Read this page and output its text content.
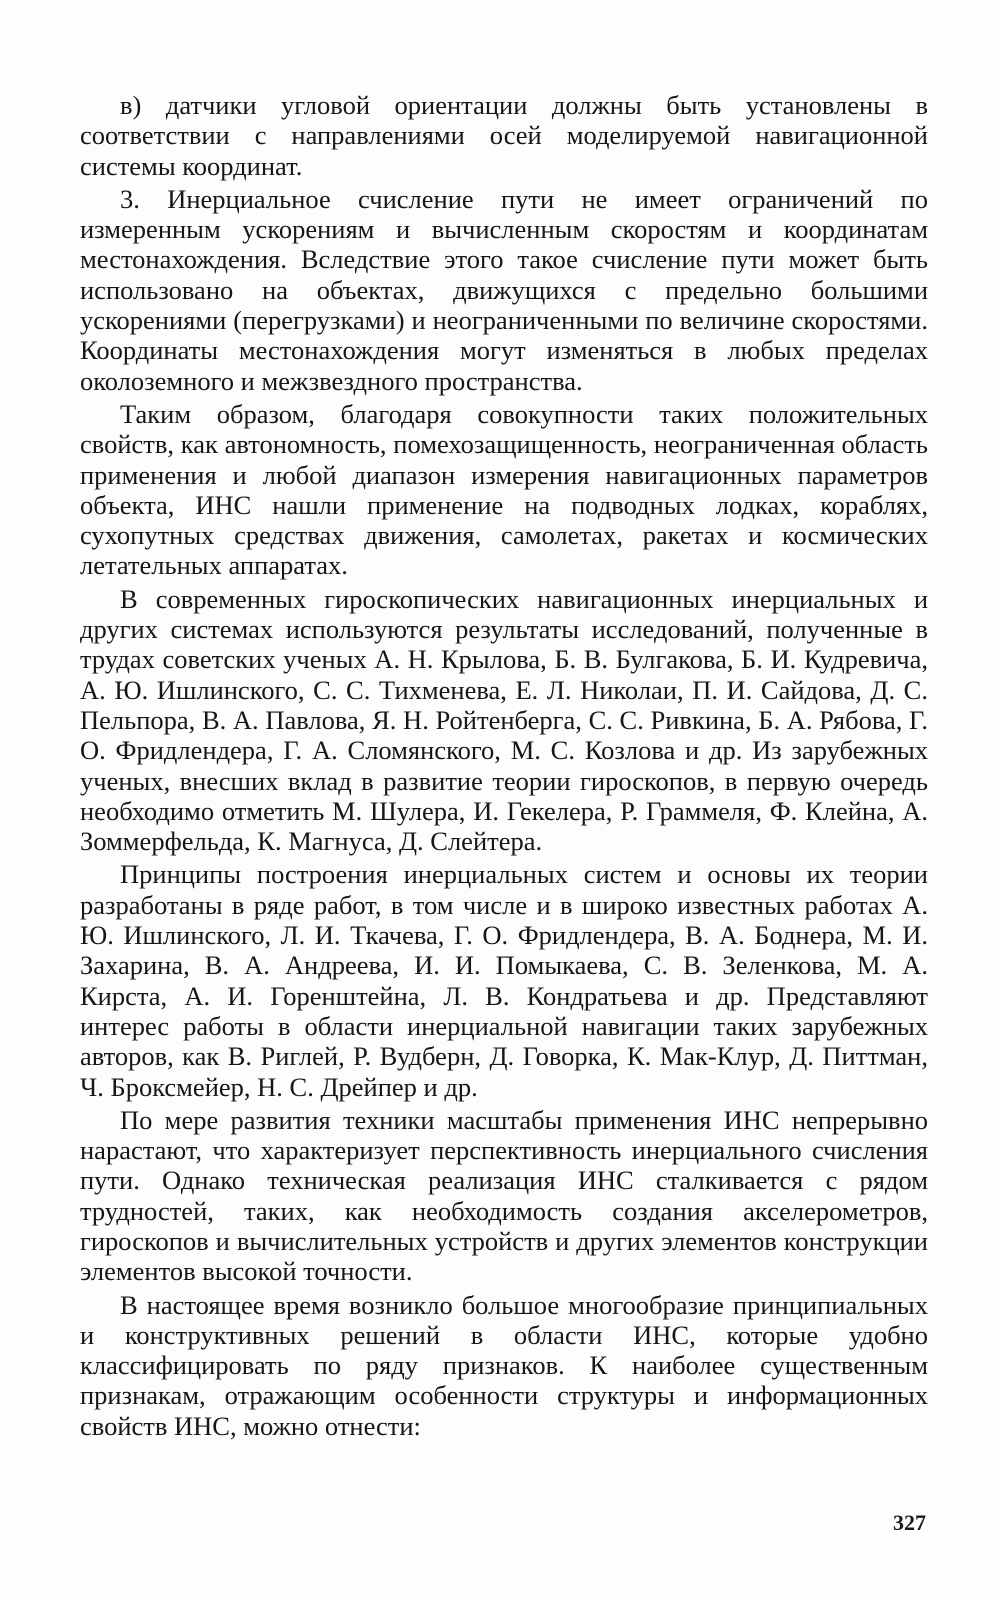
в) датчики угловой ориентации должны быть установлены в соответствии с направлениями осей моделируемой навигационной системы координат.

3. Инерциальное счисление пути не имеет ограничений по измеренным ускорениям и вычисленным скоростям и координатам местонахождения. Вследствие этого такое счисление пути может быть использовано на объектах, движущихся с предельно большими ускорениями (перегрузками) и неограниченными по величине скоростями. Координаты местонахождения могут изменяться в любых пределах околоземного и межзвездного пространства.

Таким образом, благодаря совокупности таких положительных свойств, как автономность, помехозащищенность, неограниченная область применения и любой диапазон измерения навигационных параметров объекта, ИНС нашли применение на подводных лодках, кораблях, сухопутных средствах движения, самолетах, ракетах и космических летательных аппаратах.

В современных гироскопических навигационных инерциальных и других системах используются результаты исследований, полученные в трудах советских ученых А. Н. Крылова, Б. В. Булгакова, Б. И. Кудревича, А. Ю. Ишлинского, С. С. Тихменева, Е. Л. Николаи, П. И. Сайдова, Д. С. Пельпора, В. А. Павлова, Я. Н. Ройтенберга, С. С. Ривкина, Б. А. Рябова, Г. О. Фридлендера, Г. А. Сломянского, М. С. Козлова и др. Из зарубежных ученых, внесших вклад в развитие теории гироскопов, в первую очередь необходимо отметить М. Шулера, И. Гекелера, Р. Граммеля, Ф. Клейна, А. Зоммерфельда, К. Магнуса, Д. Слейтера.

Принципы построения инерциальных систем и основы их теории разработаны в ряде работ, в том числе и в широко известных работах А. Ю. Ишлинского, Л. И. Ткачева, Г. О. Фридлендера, В. А. Боднера, М. И. Захарина, В. А. Андреева, И. И. Помыкаева, С. В. Зеленкова, М. А. Кирста, А. И. Горенштейна, Л. В. Кондратьева и др. Представляют интерес работы в области инерциальной навигации таких зарубежных авторов, как В. Риглей, Р. Вудберн, Д. Говорка, К. Мак-Клур, Д. Питтман, Ч. Броксмейер, Н. С. Дрейпер и др.

По мере развития техники масштабы применения ИНС непрерывно нарастают, что характеризует перспективность инерциального счисления пути. Однако техническая реализация ИНС сталкивается с рядом трудностей, таких, как необходимость создания акселерометров, гироскопов и вычислительных устройств и других элементов конструкции элементов высокой точности.

В настоящее время возникло большое многообразие принципиальных и конструктивных решений в области ИНС, которые удобно классифицировать по ряду признаков. К наиболее существенным признакам, отражающим особенности структуры и информационных свойств ИНС, можно отнести:

327
